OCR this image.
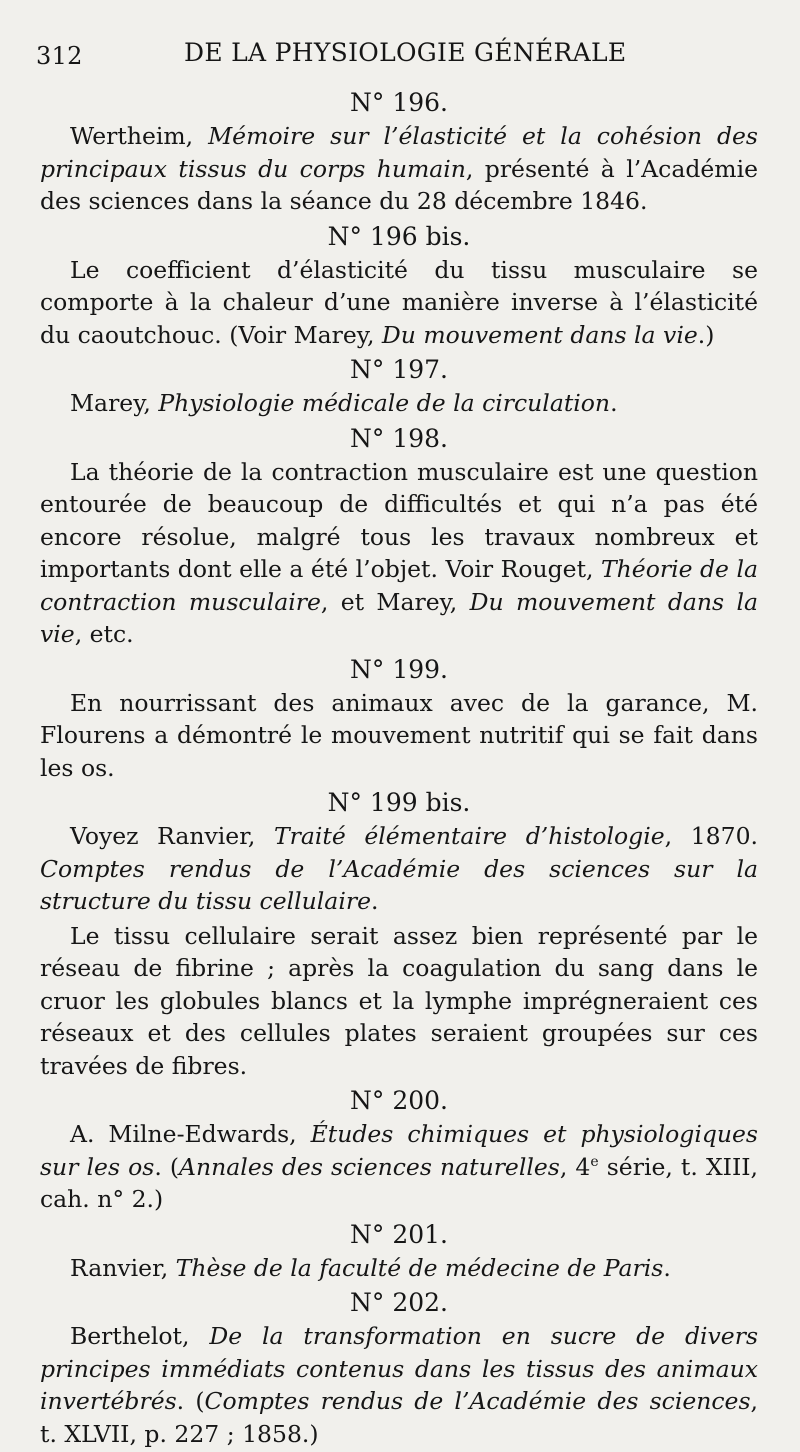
312	DE LA PHYSIOLOGIE GÉNÉRALE
N° 196.

Wertheim, Mémoire sur l’élasticité et la cohésion des principaux tissus du corps humain, présenté à l’Académie des sciences dans la séance du 28 décembre 1846.

N° 196 bis.

Le coefficient d’élasticité du tissu musculaire se comporte à la chaleur d’une manière inverse à l’élasticité du caoutchouc. (Voir Marey, Du mouvement dans la vie.)

N° 197.

Marey, Physiologie médicale de la circulation.

N° 198.

La théorie de la contraction musculaire est une question entourée de beaucoup de difficultés et qui n’a pas été encore résolue, malgré tous les travaux nombreux et importants dont elle a été l’objet. Voir Rouget, Théorie de la contraction musculaire, et Marey, Du mouvement dans la vie, etc.

N° 199.

En nourrissant des animaux avec de la garance, M. Flourens a démontré le mouvement nutritif qui se fait dans les os.

N° 199 bis.

Voyez Ranvier, Traité élémentaire d’histologie, 1870. Comptes rendus de l’Académie des sciences sur la structure du tissu cellulaire.

Le tissu cellulaire serait assez bien représenté par le réseau de fibrine ; après la coagulation du sang dans le cruor les globules blancs et la lymphe imprégneraient ces réseaux et des cellules plates seraient groupées sur ces travées de fibres.

N° 200.

A. Milne-Edwards, Études chimiques et physiologiques sur les os. (Annales des sciences naturelles, 4e série, t. XIII, cah. n° 2.)

N° 201.

Ranvier, Thèse de la faculté de médecine de Paris.

N° 202.

Berthelot, De la transformation en sucre de divers principes immédiats contenus dans les tissus des animaux invertébrés. (Comptes rendus de l’Académie des sciences, t. XLVII, p. 227 ; 1858.)
